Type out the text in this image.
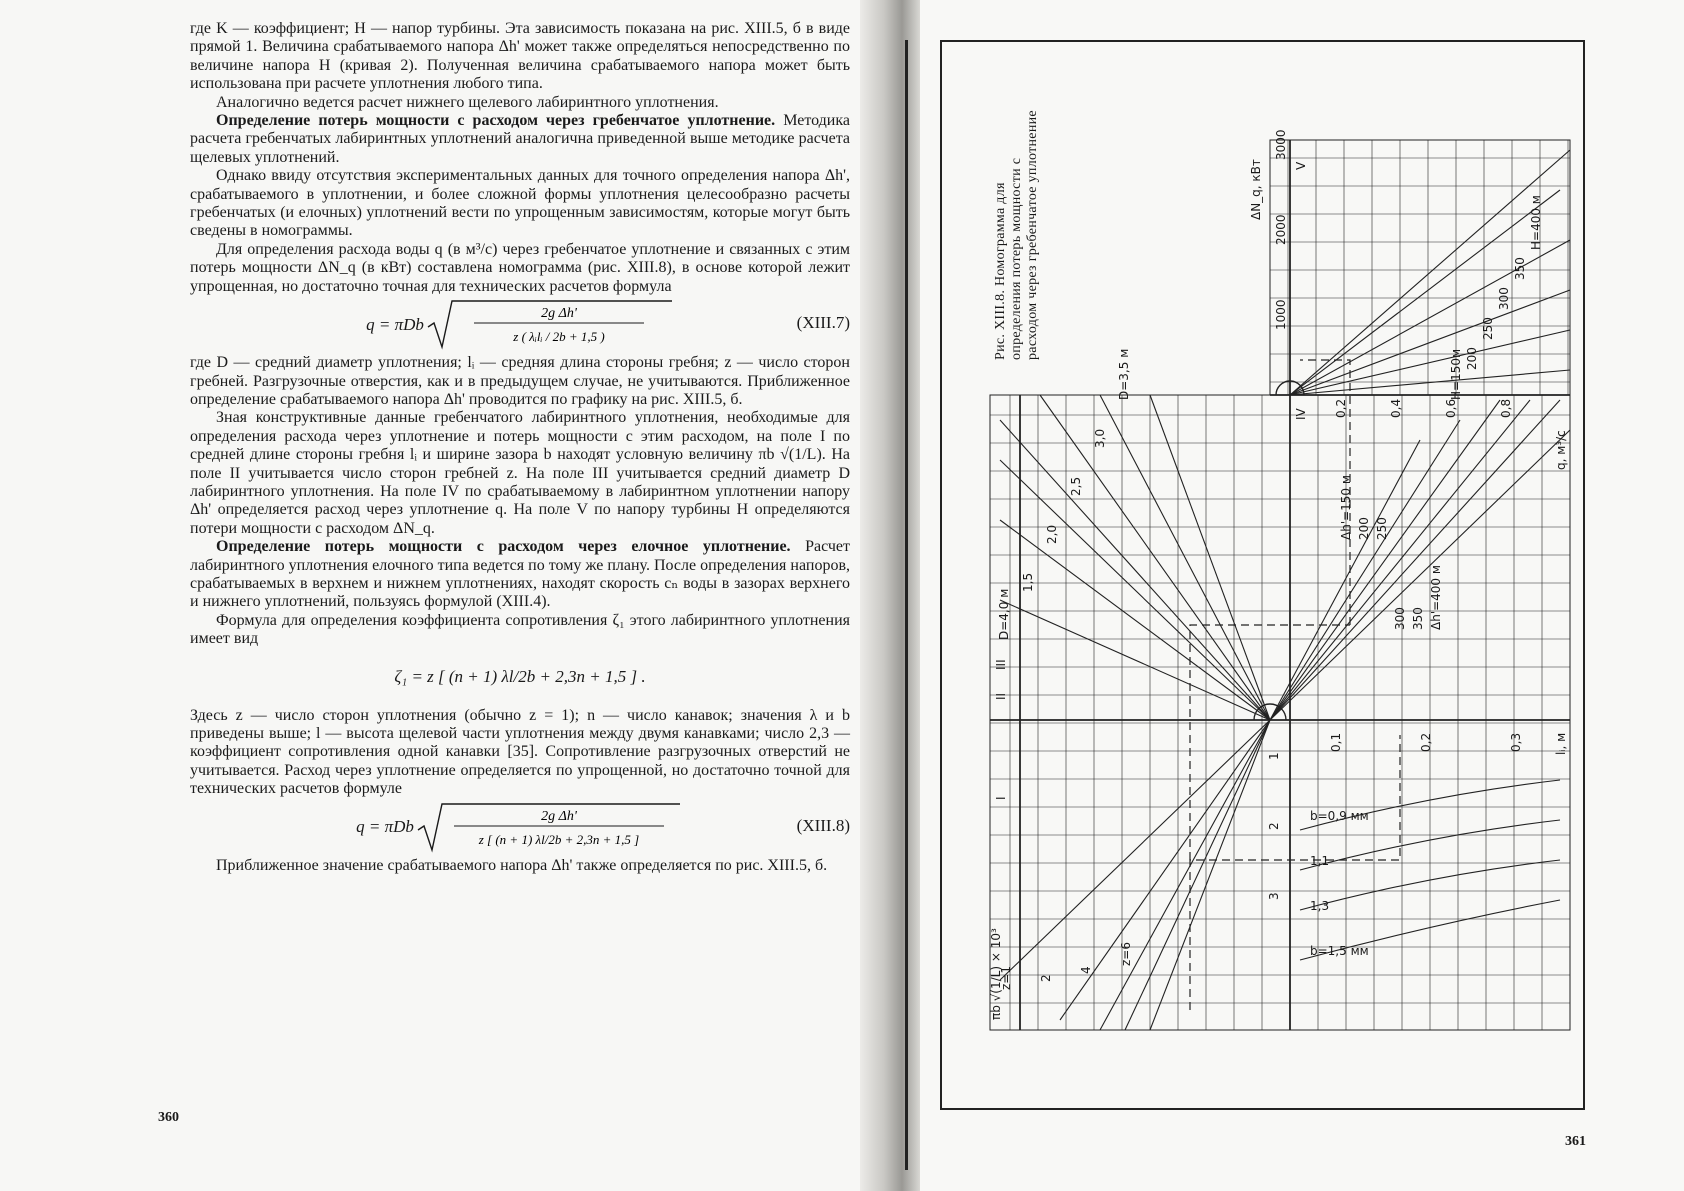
где K — коэффициент; H — напор турбины. Эта зависимость показана на рис. XIII.5, б в виде прямой 1. Величина срабатываемого напора Δh' может также определяться непосредственно по величине напора H (кривая 2). Полученная величина срабатываемого напора может быть использована при расчете уплотнения любого типа.

Аналогично ведется расчет нижнего щелевого лабиринтного уплотнения.

Определение потерь мощности с расходом через гребенчатое уплотнение. Методика расчета гребенчатых лабиринтных уплотнений аналогична приведенной выше методике расчета щелевых уплотнений.

Однако ввиду отсутствия экспериментальных данных для точного определения напора Δh', срабатываемого в уплотнении, и более сложной формы уплотнения целесообразно расчеты гребенчатых (и елочных) уплотнений вести по упрощенным зависимостям, которые могут быть сведены в номограммы.

Для определения расхода воды q (в м³/с) через гребенчатое уплотнение и связанных с этим потерь мощности ΔN_q (в кВт) составлена номограмма (рис. XIII.8), в основе которой лежит упрощенная, но достаточно точная для технических расчетов формула

q = πDb
2g Δh'
z ( λᵢlᵢ / 2b + 1,5 )
(XIII.7)

где D — средний диаметр уплотнения; lᵢ — средняя длина стороны гребня; z — число сторон гребней. Разгрузочные отверстия, как и в предыдущем случае, не учитываются. Приближенное определение срабатываемого напора Δh' проводится по графику на рис. XIII.5, б.

Зная конструктивные данные гребенчатого лабиринтного уплотнения, необходимые для определения расхода через уплотнение и потерь мощности с этим расходом, на поле I по средней длине стороны гребня lᵢ и ширине зазора b находят условную величину πb √(1/L). На поле II учитывается число сторон гребней z. На поле III учитывается средний диаметр D лабиринтного уплотнения. На поле IV по срабатываемому в лабиринтном уплотнении напору Δh' определяется расход через уплотнение q. На поле V по напору турбины H определяются потери мощности с расходом ΔN_q.

Определение потерь мощности с расходом через елочное уплотнение. Расчет лабиринтного уплотнения елочного типа ведется по тому же плану. После определения напоров, срабатываемых в верхнем и нижнем уплотнениях, находят скорость cₙ воды в зазорах верхнего и нижнего уплотнений, пользуясь формулой (XIII.4).

Формула для определения коэффициента сопротивления ζ₁ этого лабиринтного уплотнения имеет вид

ζ₁ = z [ (n + 1) λl/2b + 2,3n + 1,5 ] .

Здесь z — число сторон уплотнения (обычно z = 1); n — число канавок; значения λ и b приведены выше; l — высота щелевой части уплотнения между двумя канавками; число 2,3 — коэффициент сопротивления одной канавки [35]. Сопротивление разгрузочных отверстий не учитывается. Расход через уплотнение определяется по упрощенной, но достаточно точной для технических расчетов формуле

q = πDb
2g Δh'
z [ (n + 1) λl/2b + 2,3n + 1,5 ]
(XIII.8)

Приближенное значение срабатываемого напора Δh' также определяется по рис. XIII.5, б.

360
Рис. XIII.8. Номограмма для определения потерь мощности с расходом через гребенчатое уплотнение
I
II
III
IV
V
ΔN_q, кВт
1000
2000
3000
q, м³/с
0,2	0,4	0,6	0,8
lᵢ, м
0,1	0,2	0,3
πb √(1/L) × 10³
1
2
3
H=150м 200
250
300
350
H=400 м
Δh'=150 м 200 250
300 350 Δh'=400 м
D=4,0 м
1,5
2,0
2,5
3,0
D=3,5 м
b=0,9 мм
1,1
1,3
b=1,5 мм
z=1 2
4
z=6
361
